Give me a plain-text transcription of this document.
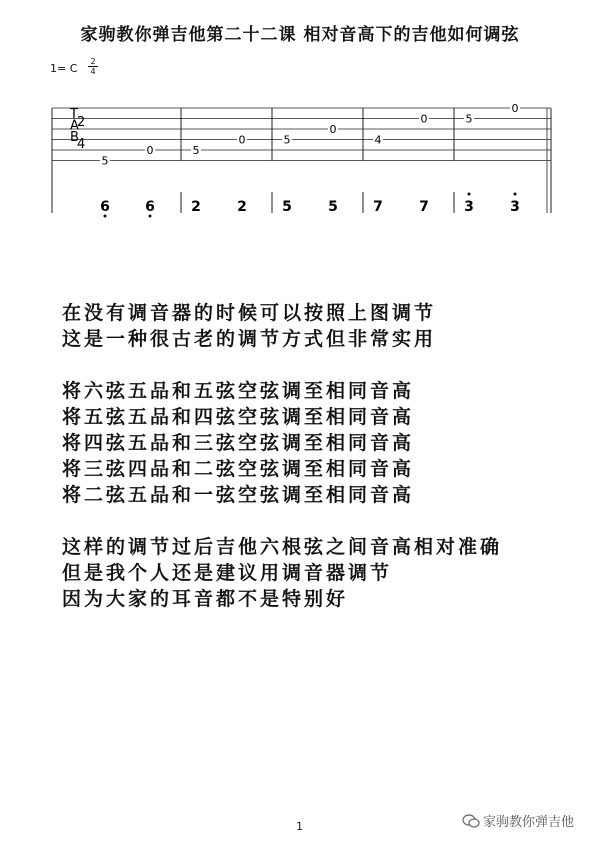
家驹教你弹吉他第二十二课 相对音高下的吉他如何调弦
1= C
2
4
T
A
B
2
4
5
0	5
0	5
0
4
0	5
0
6	6	2	2	5	5	7	7	3	3

在没有调音器的时候可以按照上图调节

这是一种很古老的调节方式但非常实用

将六弦五品和五弦空弦调至相同音高

将五弦五品和四弦空弦调至相同音高

将四弦五品和三弦空弦调至相同音高

将三弦四品和二弦空弦调至相同音高

将二弦五品和一弦空弦调至相同音高

这样的调节过后吉他六根弦之间音高相对准确

但是我个人还是建议用调音器调节

因为大家的耳音都不是特别好

1	家驹教你弹吉他
